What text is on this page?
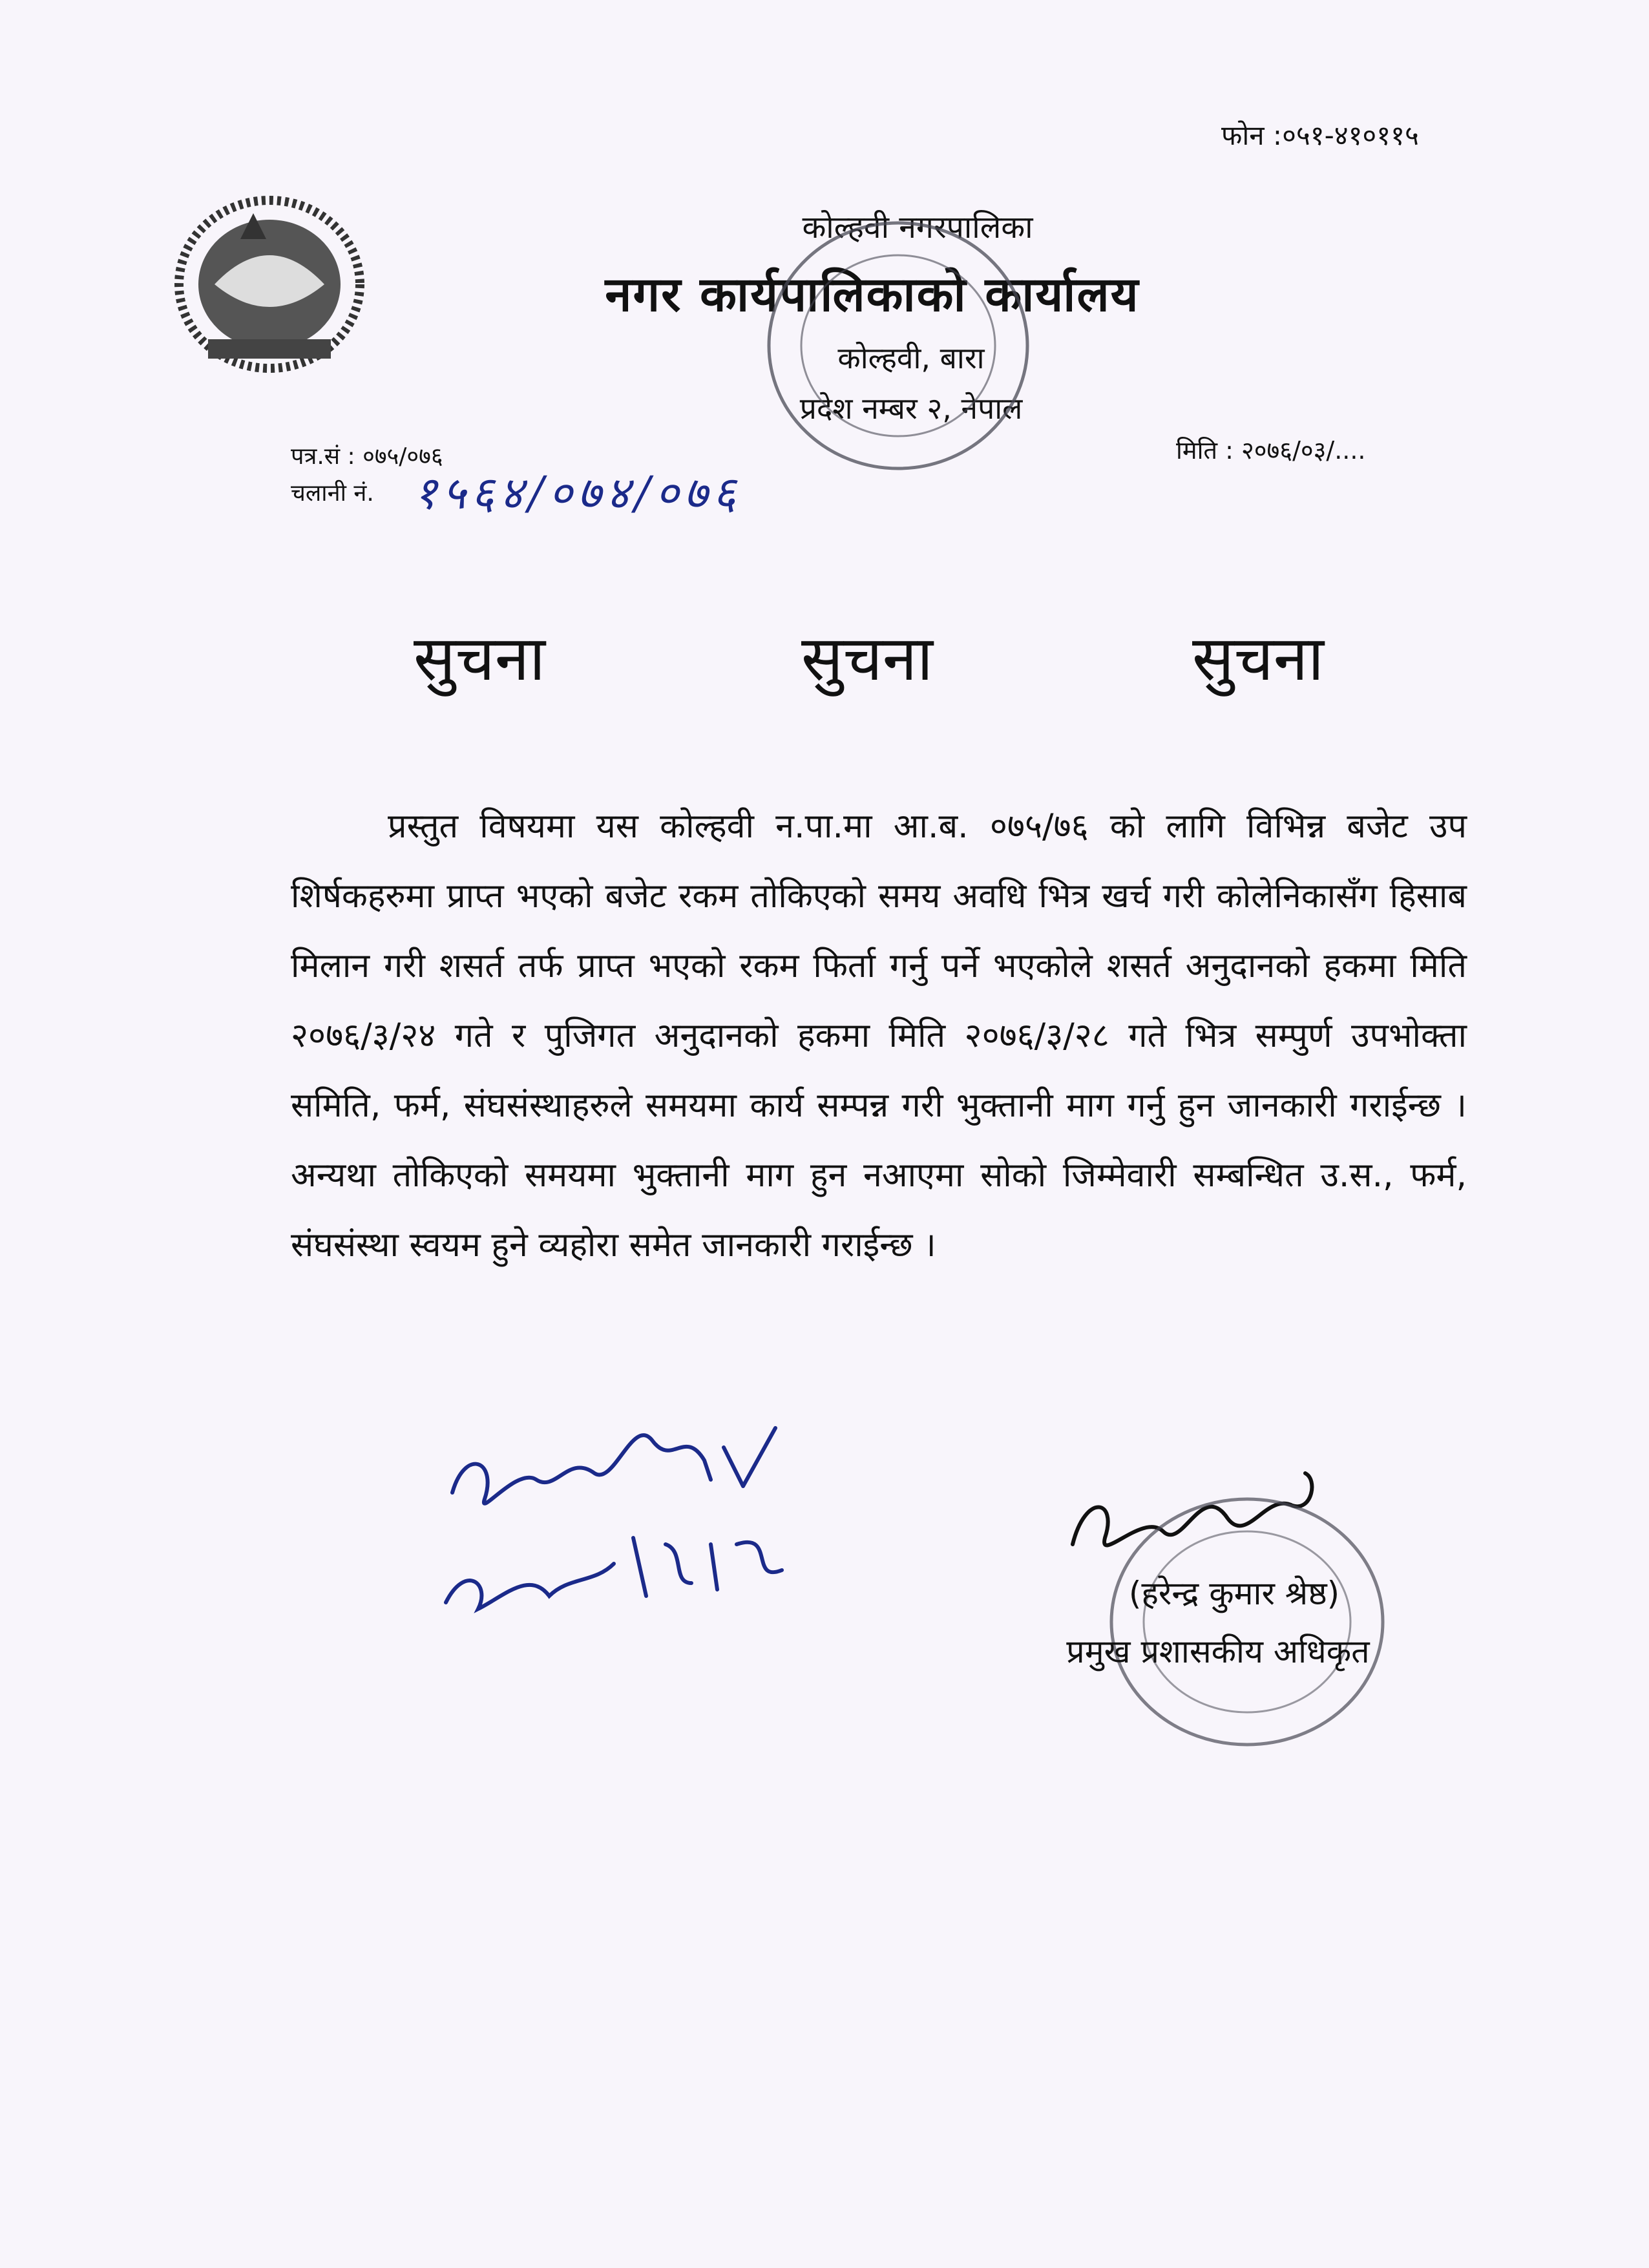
फोन :०५१-४१०११५
कोल्हवी नगरपालिका
नगर कार्यपालिकाको कार्यालय
कोल्हवी, बारा
प्रदेश नम्बर २, नेपाल
पत्र.सं : ०७५/०७६
चलानी नं. १५६४/०७४/०७६
मिति : २०७६/०३/....
सुचना	सुचना	सुचना
प्रस्तुत विषयमा यस कोल्हवी न.पा.मा आ.ब. ०७५/७६ को लागि विभिन्न बजेट उप शिर्षकहरुमा प्राप्त भएको बजेट रकम तोकिएको समय अवधि भित्र खर्च गरी कोलेनिकासँग हिसाब मिलान गरी शसर्त तर्फ प्राप्त भएको रकम फिर्ता गर्नु पर्ने भएकोले शसर्त अनुदानको हकमा मिति २०७६/३/२४ गते र पुजिगत अनुदानको हकमा मिति २०७६/३/२८ गते भित्र सम्पुर्ण उपभोक्ता समिति, फर्म, संघसंस्थाहरुले समयमा कार्य सम्पन्न गरी भुक्तानी माग गर्नु हुन जानकारी गराईन्छ । अन्यथा तोकिएको समयमा भुक्तानी माग हुन नआएमा सोको जिम्मेवारी सम्बन्धित उ.स., फर्म, संघसंस्था स्वयम हुने व्यहोरा समेत जानकारी गराईन्छ ।
(हरेन्द्र कुमार श्रेष्ठ)
प्रमुख प्रशासकीय अधिकृत
